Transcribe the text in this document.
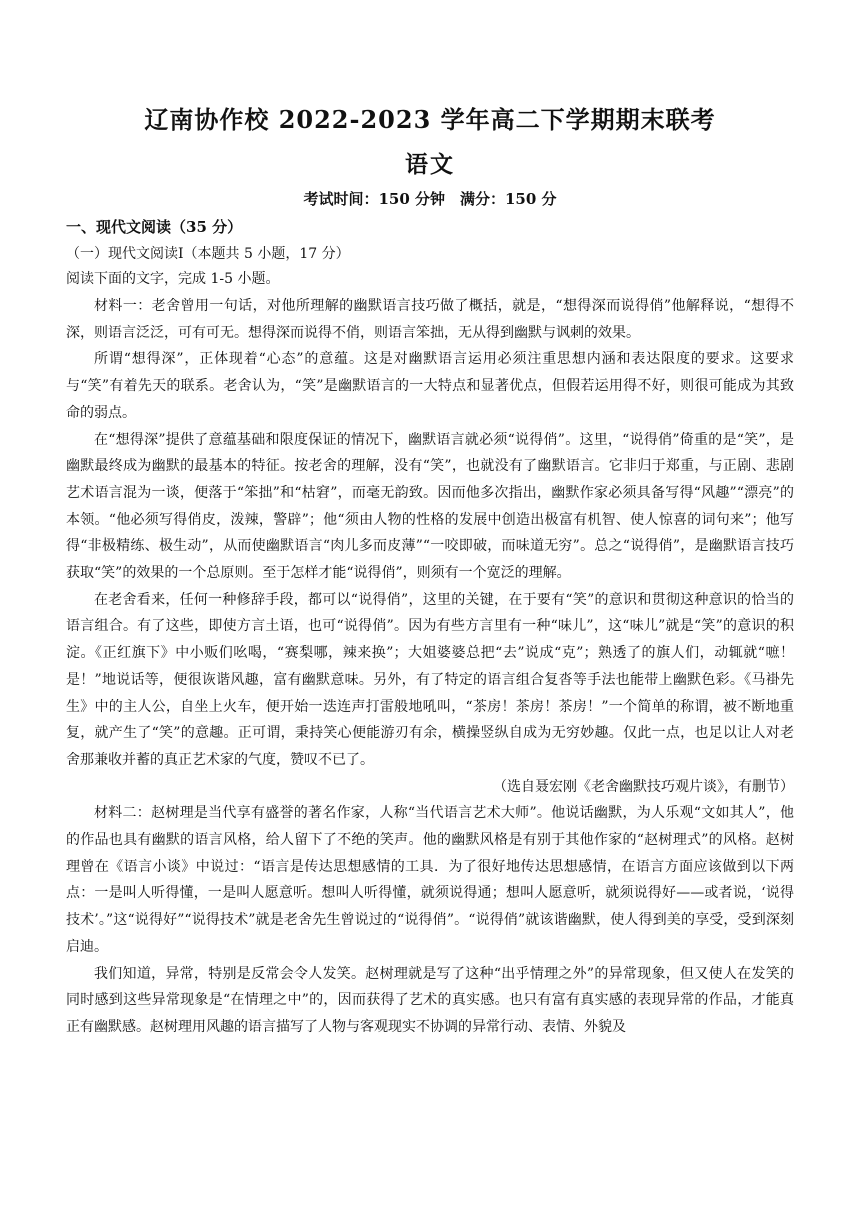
辽南协作校 2022-2023 学年高二下学期期末联考
语文
考试时间：150 分钟　满分：150 分
一、现代文阅读（35 分）
（一）现代文阅读Ⅰ（本题共 5 小题，17 分）
阅读下面的文字，完成 1-5 小题。

材料一：老舍曾用一句话，对他所理解的幽默语言技巧做了概括，就是，“想得深而说得俏”他解释说，“想得不深，则语言泛泛，可有可无。想得深而说得不俏，则语言笨拙，无从得到幽默与讽刺的效果。

所谓“想得深”，正体现着“心态”的意蕴。这是对幽默语言运用必须注重思想内涵和表达限度的要求。这要求与“笑”有着先天的联系。老舍认为，“笑”是幽默语言的一大特点和显著优点，但假若运用得不好，则很可能成为其致命的弱点。

在“想得深”提供了意蕴基础和限度保证的情况下，幽默语言就必须“说得俏”。这里，“说得俏”倚重的是“笑”，是幽默最终成为幽默的最基本的特征。按老舍的理解，没有“笑”，也就没有了幽默语言。它非归于郑重，与正剧、悲剧艺术语言混为一谈，便落于“笨拙”和“枯窘”，而毫无韵致。因而他多次指出，幽默作家必须具备写得“风趣”“漂亮”的本领。“他必须写得俏皮，泼辣，警辟”；他“须由人物的性格的发展中创造出极富有机智、使人惊喜的词句来”；他写得“非极精练、极生动”，从而使幽默语言“肉儿多而皮薄”“一咬即破，而味道无穷”。总之“说得俏”，是幽默语言技巧获取“笑”的效果的一个总原则。至于怎样才能“说得俏”，则须有一个宽泛的理解。

在老舍看来，任何一种修辞手段，都可以“说得俏”，这里的关键，在于要有“笑”的意识和贯彻这种意识的恰当的语言组合。有了这些，即使方言土语，也可“说得俏”。因为有些方言里有一种“味儿”，这“味儿”就是“笑”的意识的积淀。《正红旗下》中小贩们吆喝，“赛梨哪，辣来换”；大姐婆婆总把“去”说成“克”；熟透了的旗人们，动辄就“嗻！是！”地说话等，便很诙谐风趣，富有幽默意味。另外，有了特定的语言组合复沓等手法也能带上幽默色彩。《马褂先生》中的主人公，自坐上火车，便开始一迭连声打雷般地吼叫，“茶房！茶房！茶房！”一个简单的称谓，被不断地重复，就产生了“笑”的意趣。正可谓，秉持笑心便能游刃有余，横操竖纵自成为无穷妙趣。仅此一点，也足以让人对老舍那兼收并蓄的真正艺术家的气度，赞叹不已了。

（选自聂宏刚《老舍幽默技巧观片谈》，有删节）

材料二：赵树理是当代享有盛誉的著名作家，人称“当代语言艺术大师”。他说话幽默，为人乐观“文如其人”，他的作品也具有幽默的语言风格，给人留下了不绝的笑声。他的幽默风格是有别于其他作家的“赵树理式”的风格。赵树理曾在《语言小谈》中说过：“语言是传达思想感情的工具．为了很好地传达思想感情，在语言方面应该做到以下两点：一是叫人听得懂，一是叫人愿意听。想叫人听得懂，就须说得通；想叫人愿意听，就须说得好——或者说，‘说得技术’。”这“说得好”“说得技术”就是老舍先生曾说过的“说得俏”。“说得俏”就该谐幽默，使人得到美的享受，受到深刻启迪。

我们知道，异常，特别是反常会令人发笑。赵树理就是写了这种“出乎情理之外”的异常现象，但又使人在发笑的同时感到这些异常现象是“在情理之中”的，因而获得了艺术的真实感。也只有富有真实感的表现异常的作品，才能真正有幽默感。赵树理用风趣的语言描写了人物与客观现实不协调的异常行动、表情、外貌及
